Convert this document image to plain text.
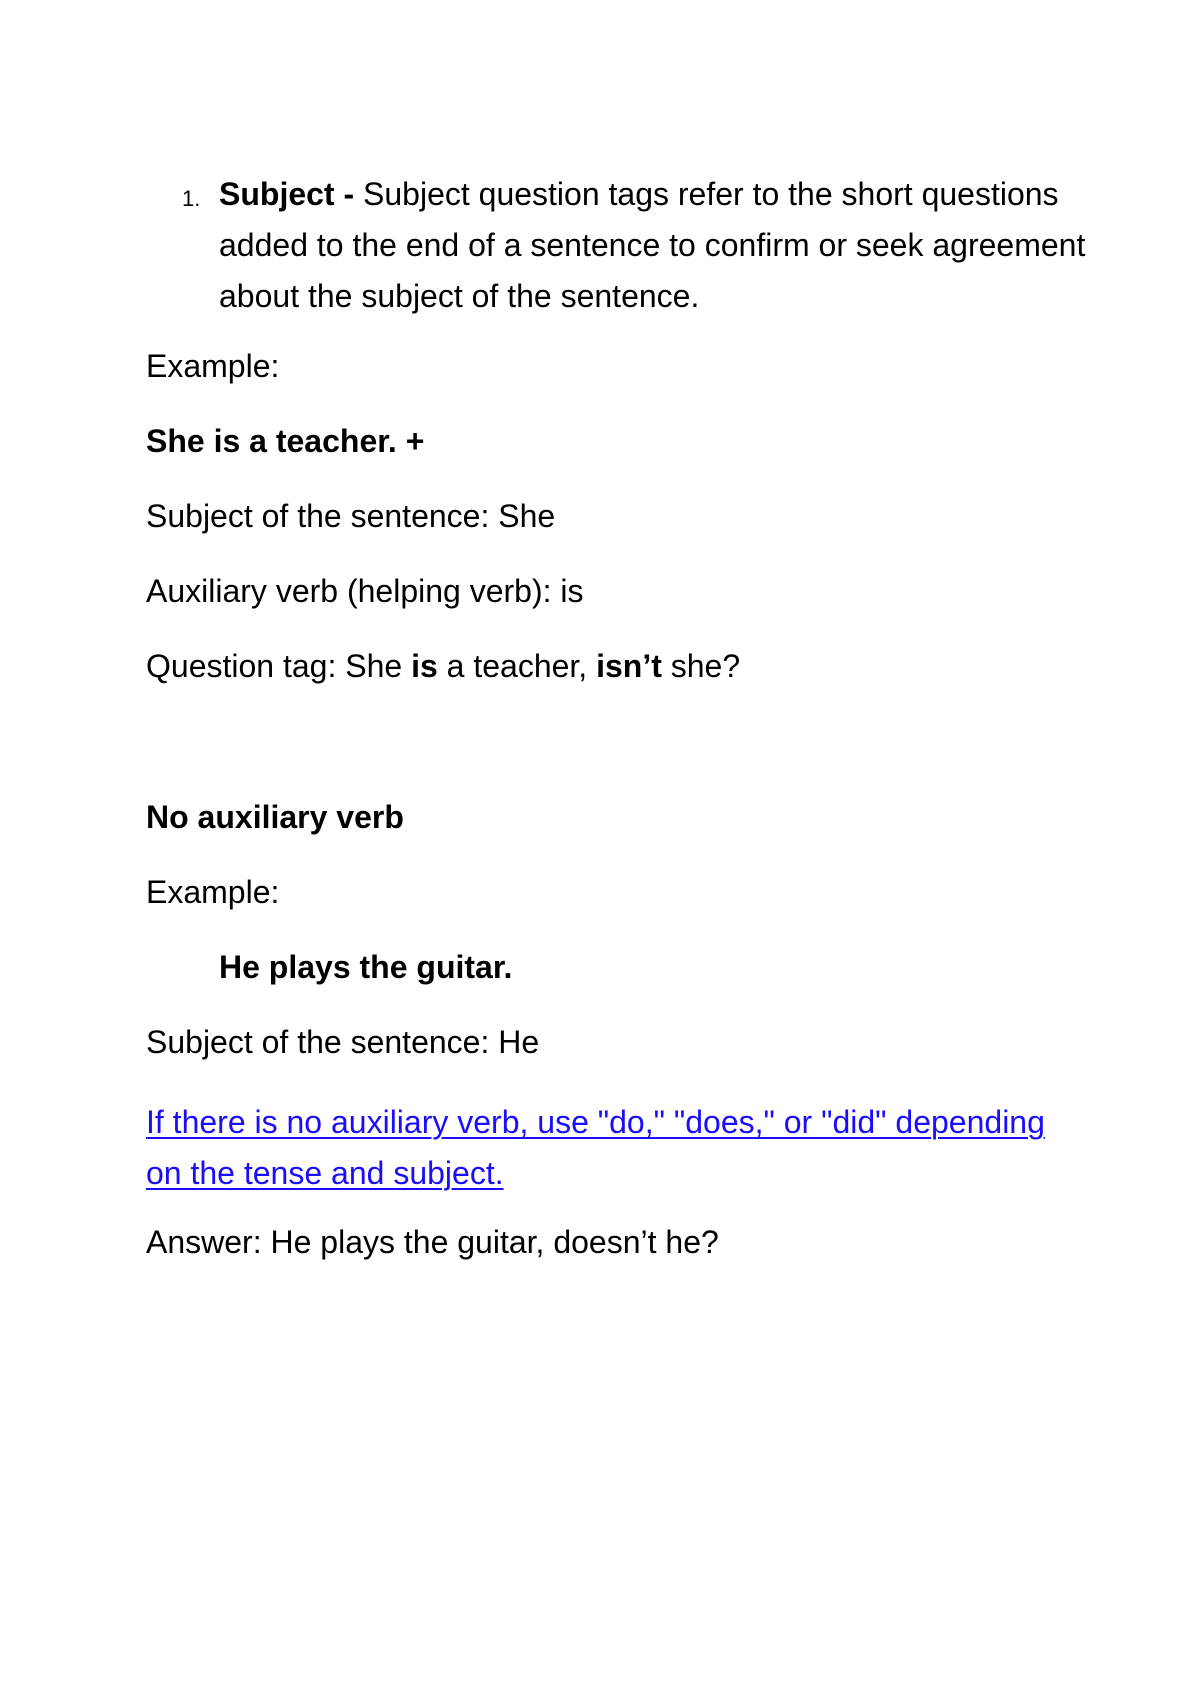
1. Subject - Subject question tags refer to the short questions added to the end of a sentence to confirm or seek agreement about the subject of the sentence.
Example:
She is a teacher. +
Subject of the sentence: She
Auxiliary verb (helping verb): is
Question tag: She is a teacher, isn’t she?
No auxiliary verb
Example:
He plays the guitar.
Subject of the sentence: He
If there is no auxiliary verb, use "do," "does," or "did" depending on the tense and subject.
Answer: He plays the guitar, doesn’t he?
